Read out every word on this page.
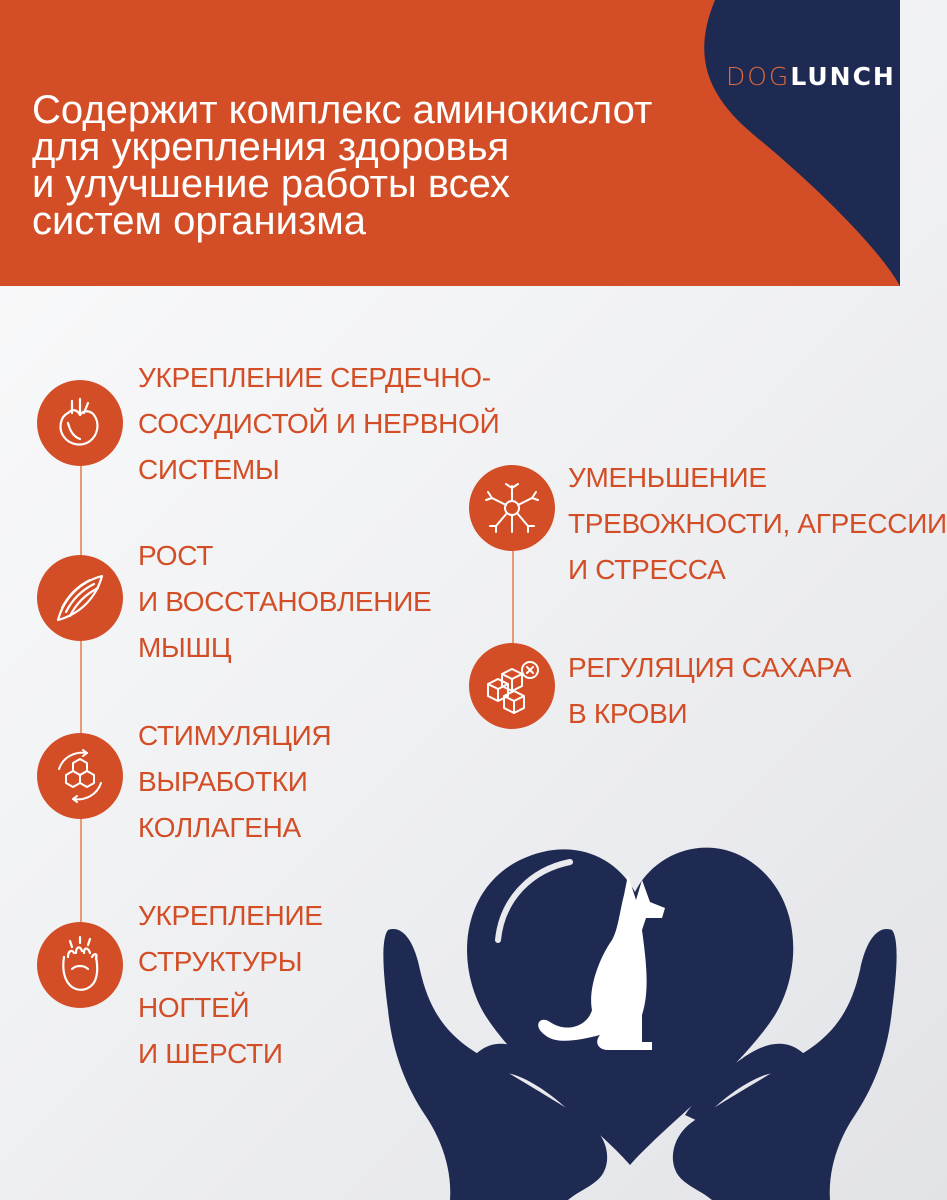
DOGLUNCH
Содержит комплекс аминокислот
для укрепления здоровья
и улучшение работы всех
систем организма

УКРЕПЛЕНИЕ СЕРДЕЧНО-
СОСУДИСТОЙ И НЕРВНОЙ
СИСТЕМЫ

РОСТ
И ВОССТАНОВЛЕНИЕ
МЫШЦ

СТИМУЛЯЦИЯ
ВЫРАБОТКИ
КОЛЛАГЕНА

УКРЕПЛЕНИЕ
СТРУКТУРЫ
НОГТЕЙ
И ШЕРСТИ

УМЕНЬШЕНИЕ
ТРЕВОЖНОСТИ, АГРЕССИИ
И СТРЕССА

РЕГУЛЯЦИЯ САХАРА
В КРОВИ
